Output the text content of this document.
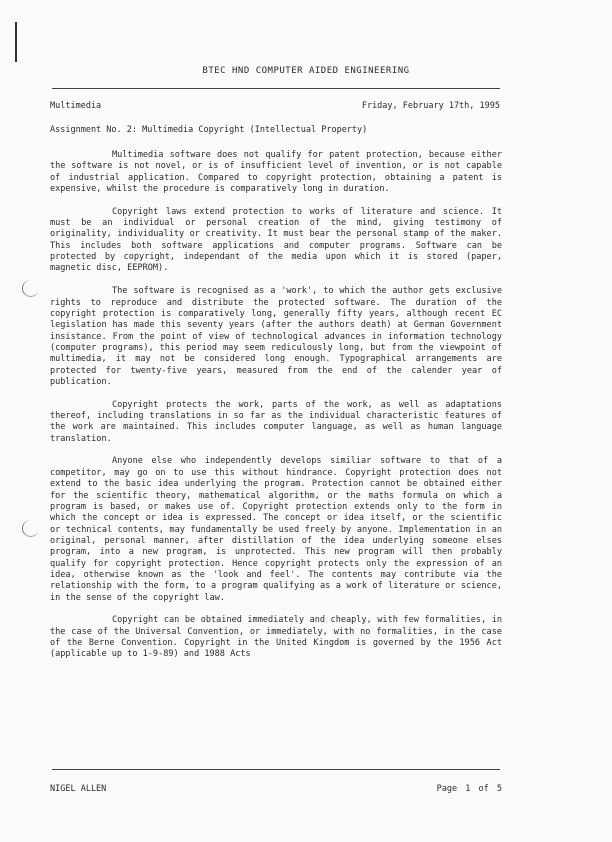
BTEC HND COMPUTER AIDED ENGINEERING
Multimedia	Friday, February 17th, 1995
Assignment No. 2: Multimedia Copyright (Intellectual Property)

Multimedia software does not qualify for patent protection, because either the software is not novel, or is of insufficient level of invention, or is not capable of industrial application. Compared to copyright protection, obtaining a patent is expensive, whilst the procedure is comparatively long in duration.

Copyright laws extend protection to works of literature and science. It must be an individual or personal creation of the mind, giving testimony of originality, individuality or creativity. It must bear the personal stamp of the maker. This includes both software applications and computer programs. Software can be protected by copyright, independant of the media upon which it is stored (paper, magnetic disc, EEPROM).

The software is recognised as a 'work', to which the author gets exclusive rights to reproduce and distribute the protected software. The duration of the copyright protection is comparatively long, generally fifty years, although recent EC legislation has made this seventy years (after the authors death) at German Government insistance. From the point of view of technological advances in information technology (computer programs), this period may seem rediculously long, but from the viewpoint of multimedia, it may not be considered long enough. Typographical arrangements are protected for twenty-five years, measured from the end of the calender year of publication.

Copyright protects the work, parts of the work, as well as adaptations thereof, including translations in so far as the individual characteristic features of the work are maintained. This includes computer language, as well as human language translation.

Anyone else who independently develops similiar software to that of a competitor, may go on to use this without hindrance. Copyright protection does not extend to the basic idea underlying the program. Protection cannot be obtained either for the scientific theory, mathematical algorithm, or the maths formula on which a program is based, or makes use of. Copyright protection extends only to the form in which the concept or idea is expressed. The concept or idea itself, or the scientific or technical contents, may fundamentally be used freely by anyone. Implementation in an original, personal manner, after distillation of the idea underlying someone elses program, into a new program, is unprotected. This new program will then probably qualify for copyright protection. Hence copyright protects only the expression of an idea, otherwise known as the 'look and feel'. The contents may contribute via the relationship with the form, to a program qualifying as a work of literature or science, in the sense of the copyright law.

Copyright can be obtained immediately and cheaply, with few formalities, in the case of the Universal Convention, or immediately, with no formalities, in the case of the Berne Convention. Copyright in the United Kingdom is governed by the 1956 Act (applicable up to 1-9-89) and 1988 Acts

NIGEL ALLEN	Page 1 of 5
